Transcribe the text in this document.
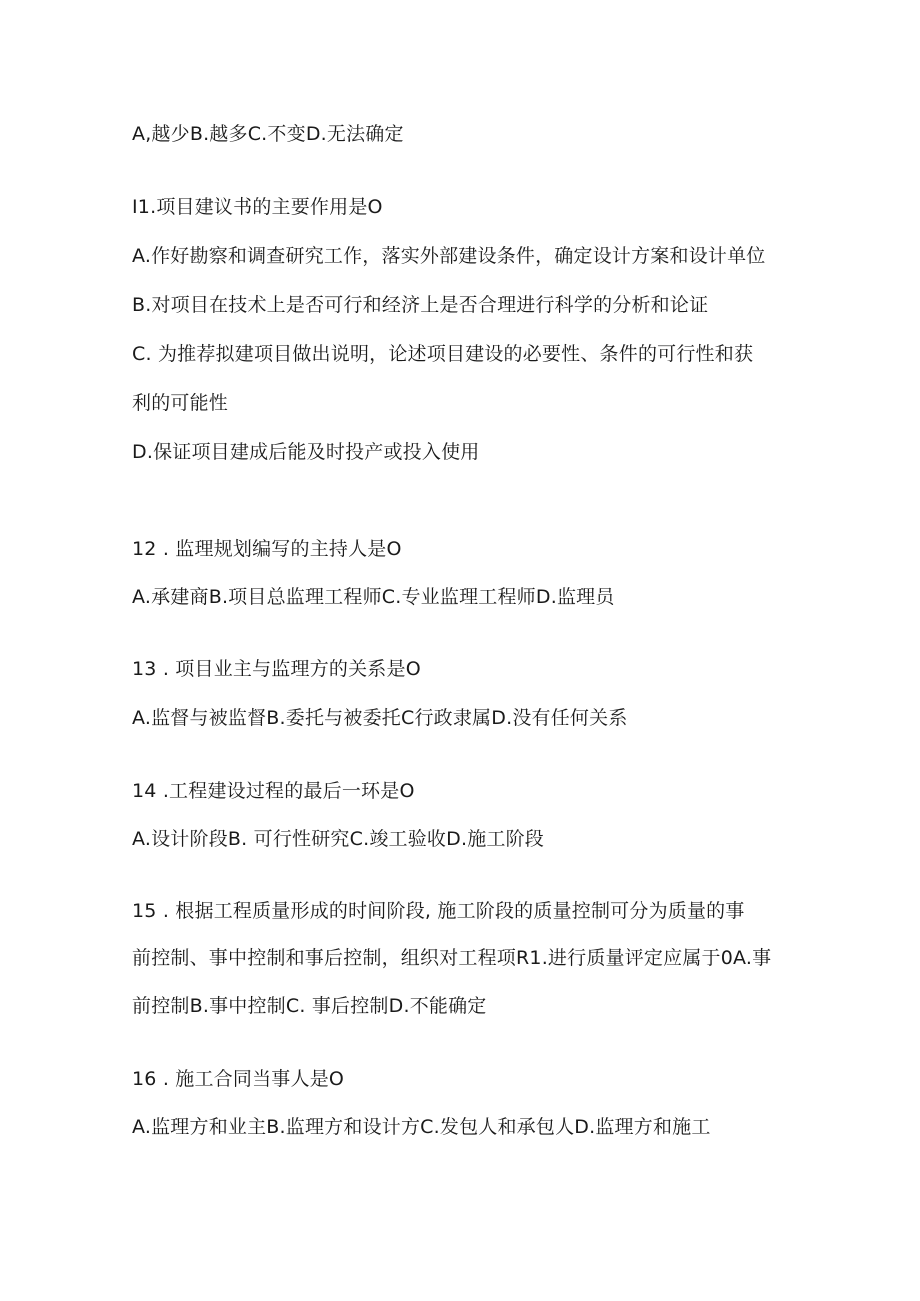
A,越少B.越多C.不变D.无法确定
I1.项目建议书的主要作用是O
A.作好勘察和调查研究工作，落实外部建设条件，确定设计方案和设计单位
B.对项目在技术上是否可行和经济上是否合理进行科学的分析和论证
C. 为推荐拟建项目做出说明，论述项目建设的必要性、条件的可行性和获
利的可能性
D.保证项目建成后能及时投产或投入使用
12 . 监理规划编写的主持人是O
A.承建商B.项目总监理工程师C.专业监理工程师D.监理员
13 . 项目业主与监理方的关系是O
A.监督与被监督B.委托与被委托C行政隶属D.没有任何关系
14 .工程建设过程的最后一环是O
A.设计阶段B. 可行性研究C.竣工验收D.施工阶段
15 . 根据工程质量形成的时间阶段, 施工阶段的质量控制可分为质量的事
前控制、事中控制和事后控制，组织对工程项R1.进行质量评定应属于0A.事
前控制B.事中控制C. 事后控制D.不能确定
16 . 施工合同当事人是O
A.监理方和业主B.监理方和设计方C.发包人和承包人D.监理方和施工
